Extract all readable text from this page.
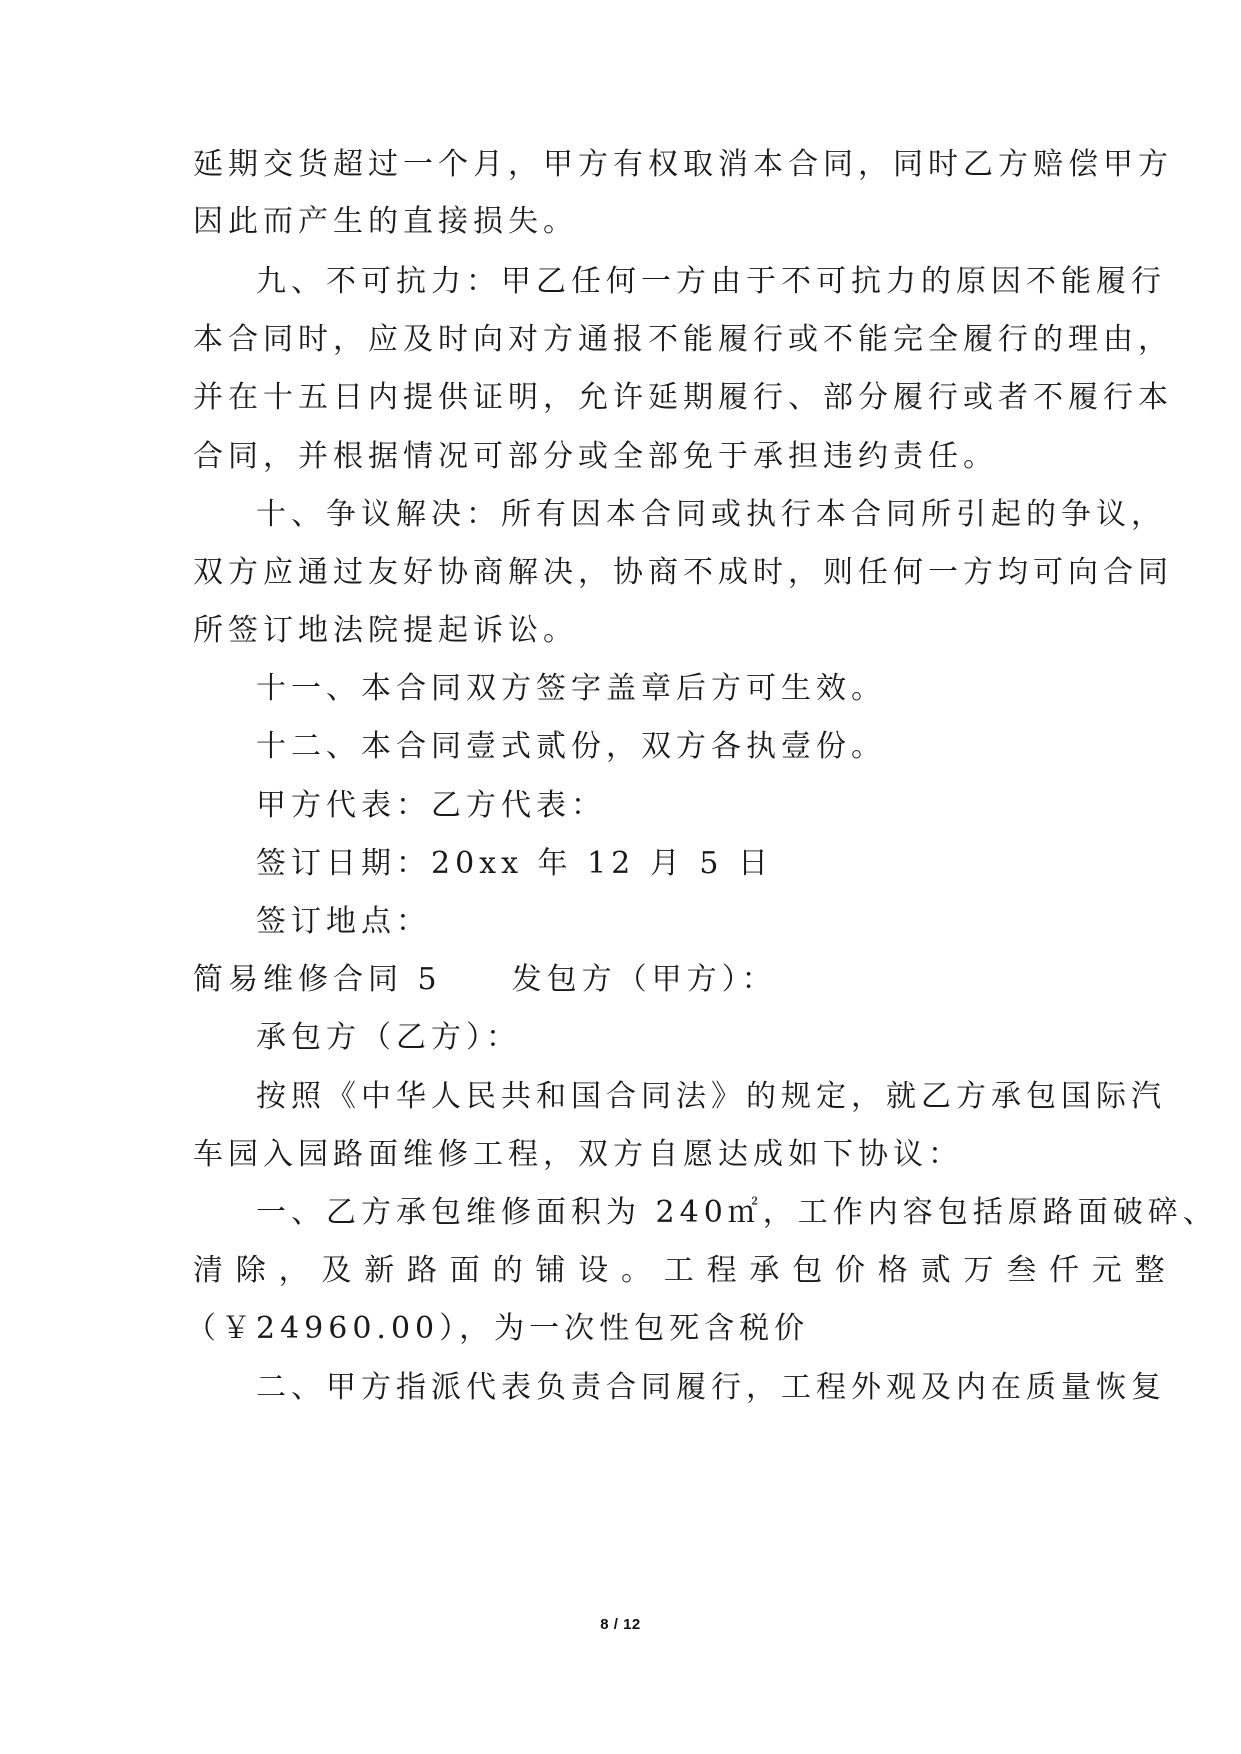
延期交货超过一个月，甲方有权取消本合同，同时乙方赔偿甲方
因此而产生的直接损失。
九、不可抗力：甲乙任何一方由于不可抗力的原因不能履行
本合同时，应及时向对方通报不能履行或不能完全履行的理由，
并在十五日内提供证明，允许延期履行、部分履行或者不履行本
合同，并根据情况可部分或全部免于承担违约责任。
十、争议解决：所有因本合同或执行本合同所引起的争议，
双方应通过友好协商解决，协商不成时，则任何一方均可向合同
所签订地法院提起诉讼。
十一、本合同双方签字盖章后方可生效。
十二、本合同壹式贰份，双方各执壹份。
甲方代表：乙方代表：
签订日期：20xx 年 12 月 5 日
签订地点：
简易维修合同 5 发包方（甲方）：
承包方（乙方）：
按照《中华人民共和国合同法》的规定，就乙方承包国际汽
车园入园路面维修工程，双方自愿达成如下协议：
一、乙方承包维修面积为 240㎡，工作内容包括原路面破碎、
清除，及新路面的铺设。工程承包价格贰万叁仟元整
（￥24960.00），为一次性包死含税价
二、甲方指派代表负责合同履行，工程外观及内在质量恢复
8 / 12
